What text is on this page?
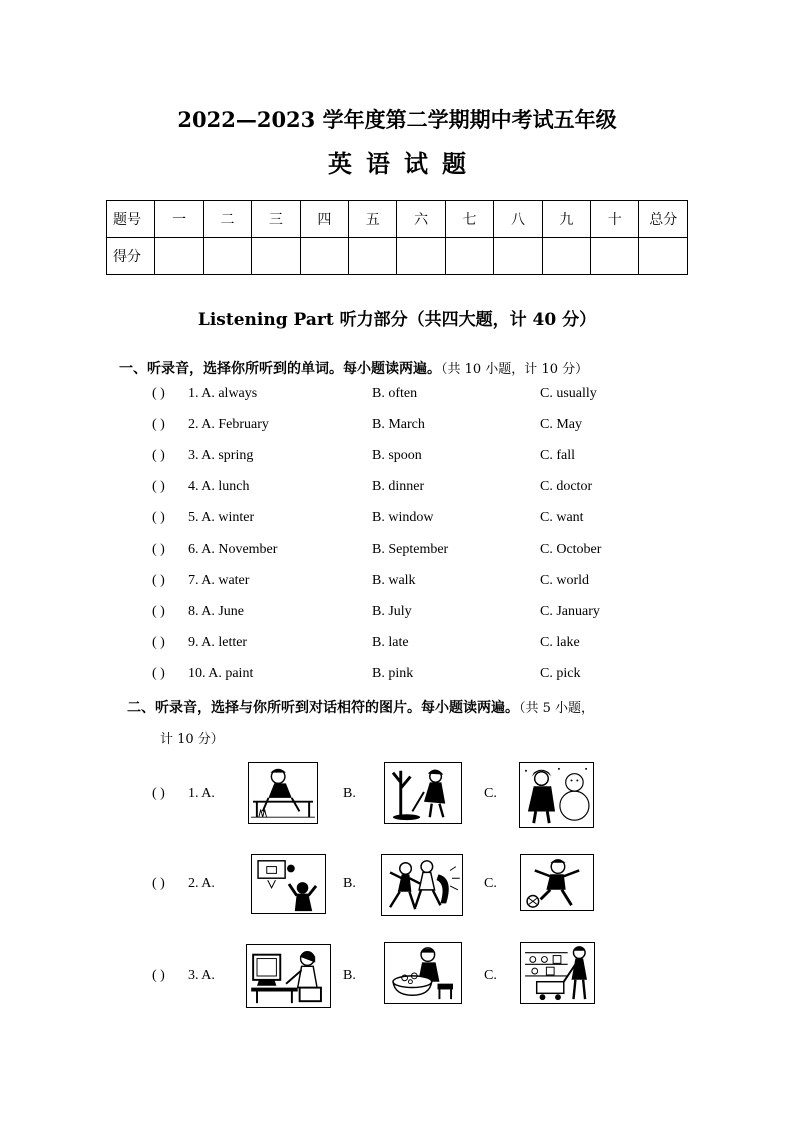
2022—2023 学年度第二学期期中考试五年级
英语试题
题号	一	二	三	四	五	六	七	八	九	十	总分
得分											
Listening Part 听力部分（共四大题，计 40 分）
一、听录音，选择你所听到的单词。每小题读两遍。（共 10 小题，计 10 分）
( ) 1. A. always	B. often	C. usually
( ) 2. A. February	B. March	C. May
( ) 3. A. spring	B. spoon	C. fall
( ) 4. A. lunch	B. dinner	C. doctor
( ) 5. A. winter	B. window	C. want
( ) 6. A. November	B. September	C. October
( ) 7. A. water	B. walk	C. world
( ) 8. A. June	B. July	C. January
( ) 9. A. letter	B. late	C. lake
( ) 10. A. paint	B. pink	C. pick
二、听录音，选择与你所听到对话相符的图片。每小题读两遍。（共 5 小题，
计 10 分）
( ) 1. A.	B.	C.
( ) 2. A.	B.	C.
( ) 3. A.	B.	C.
